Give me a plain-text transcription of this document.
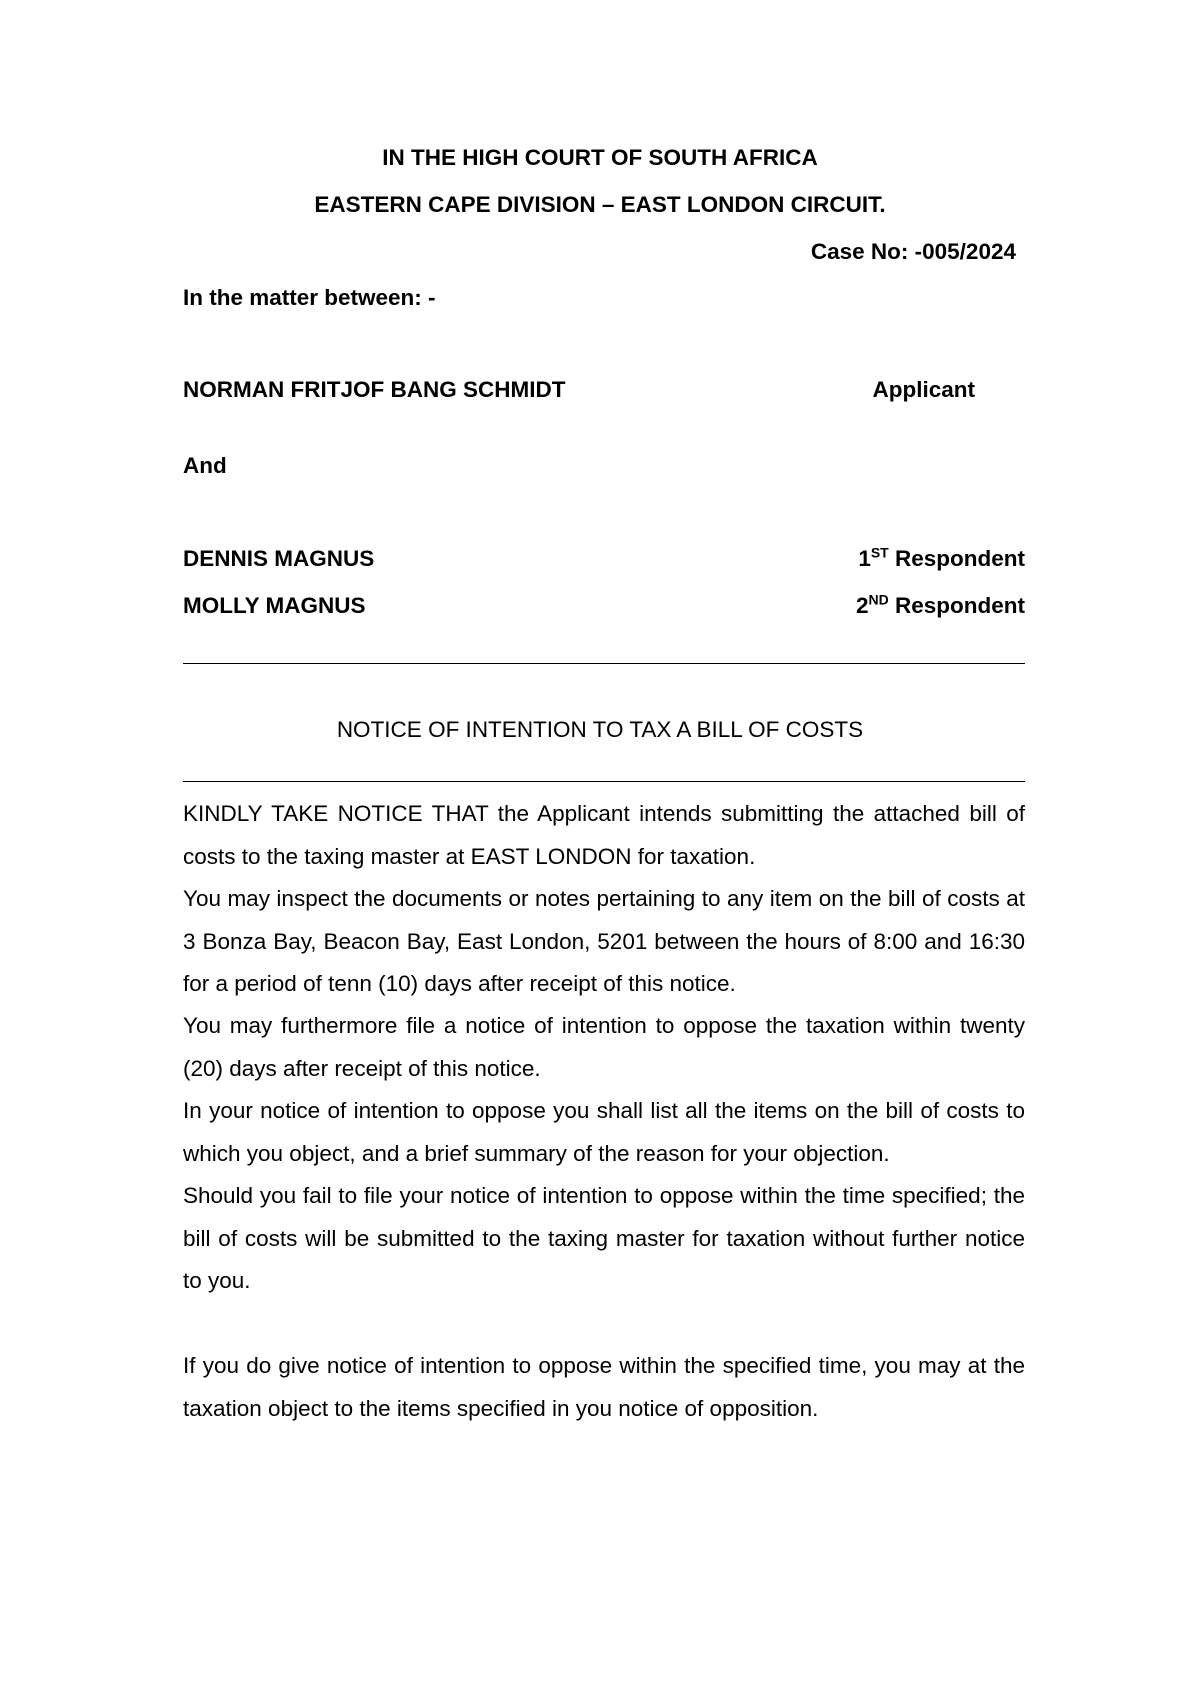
IN THE HIGH COURT OF SOUTH AFRICA
EASTERN CAPE DIVISION – EAST LONDON CIRCUIT.
Case No: -005/2024
In the matter between: -
NORMAN FRITJOF BANG SCHMIDT	Applicant
And
DENNIS MAGNUS	1ST Respondent
MOLLY MAGNUS	2ND Respondent
NOTICE OF INTENTION TO TAX A BILL OF COSTS

KINDLY TAKE NOTICE THAT the Applicant intends submitting the attached bill of costs to the taxing master at EAST LONDON for taxation.

You may inspect the documents or notes pertaining to any item on the bill of costs at 3 Bonza Bay, Beacon Bay, East London, 5201 between the hours of 8:00 and 16:30 for a period of tenn (10) days after receipt of this notice.

You may furthermore file a notice of intention to oppose the taxation within twenty (20) days after receipt of this notice.

In your notice of intention to oppose you shall list all the items on the bill of costs to which you object, and a brief summary of the reason for your objection.

Should you fail to file your notice of intention to oppose within the time specified; the bill of costs will be submitted to the taxing master for taxation without further notice to you.

If you do give notice of intention to oppose within the specified time, you may at the taxation object to the items specified in you notice of opposition.
